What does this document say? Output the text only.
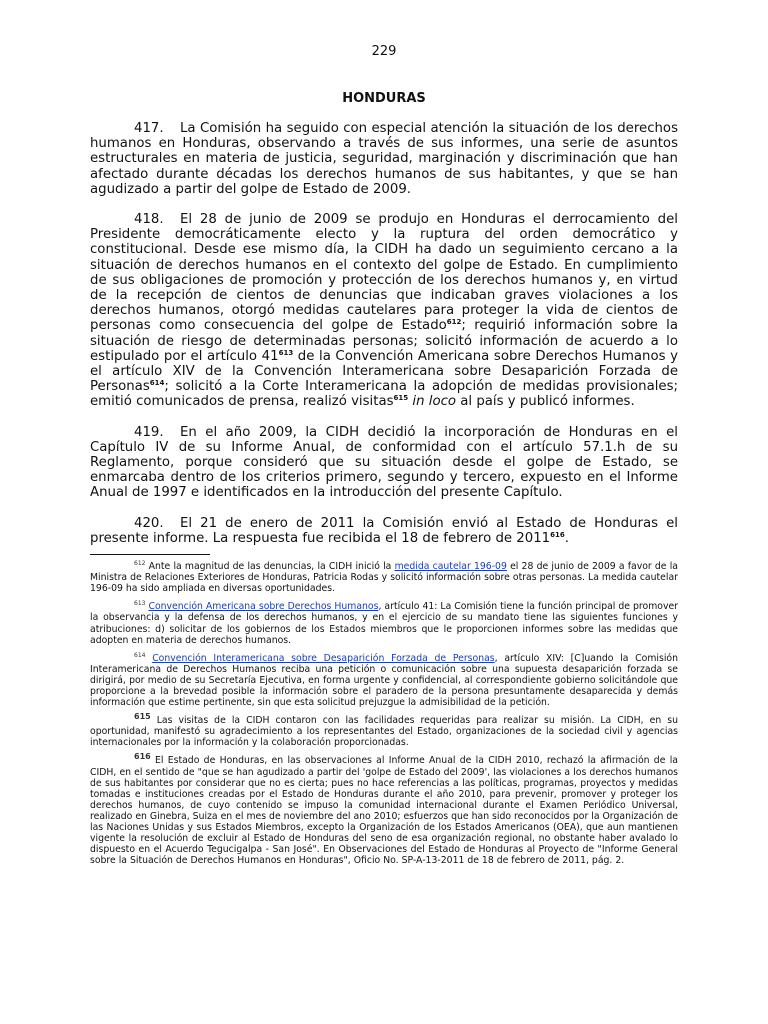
229
HONDURAS

417. La Comisión ha seguido con especial atención la situación de los derechos humanos en Honduras, observando a través de sus informes, una serie de asuntos estructurales en materia de justicia, seguridad, marginación y discriminación que han afectado durante décadas los derechos humanos de sus habitantes, y que se han agudizado a partir del golpe de Estado de 2009.

418. El 28 de junio de 2009 se produjo en Honduras el derrocamiento del Presidente democráticamente electo y la ruptura del orden democrático y constitucional. Desde ese mismo día, la CIDH ha dado un seguimiento cercano a la situación de derechos humanos en el contexto del golpe de Estado. En cumplimiento de sus obligaciones de promoción y protección de los derechos humanos y, en virtud de la recepción de cientos de denuncias que indicaban graves violaciones a los derechos humanos, otorgó medidas cautelares para proteger la vida de cientos de personas como consecuencia del golpe de Estado$^{612}$; requirió información sobre la situación de riesgo de determinadas personas; solicitó información de acuerdo a lo estipulado por el artículo 41$^{613}$ de la Convención Americana sobre Derechos Humanos y el artículo XIV de la Convención Interamericana sobre Desaparición Forzada de Personas$^{614}$; solicitó a la Corte Interamericana la adopción de medidas provisionales; emitió comunicados de prensa, realizó visitas$^{615}$ in loco al país y publicó informes.

419. En el año 2009, la CIDH decidió la incorporación de Honduras en el Capítulo IV de su Informe Anual, de conformidad con el artículo 57.1.h de su Reglamento, porque consideró que su situación desde el golpe de Estado, se enmarcaba dentro de los criterios primero, segundo y tercero, expuesto en el Informe Anual de 1997 e identificados en la introducción del presente Capítulo.

420. El 21 de enero de 2011 la Comisión envió al Estado de Honduras el presente informe. La respuesta fue recibida el 18 de febrero de 2011$^{616}$.

$^{612}$ Ante la magnitud de las denuncias, la CIDH inició la medida cautelar 196-09 el 28 de junio de 2009 a favor de la Ministra de Relaciones Exteriores de Honduras, Patricia Rodas y solicitó información sobre otras personas. La medida cautelar 196-09 ha sido ampliada en diversas oportunidades.

$^{613}$ Convención Americana sobre Derechos Humanos, artículo 41: La Comisión tiene la función principal de promover la observancia y la defensa de los derechos humanos, y en el ejercicio de su mandato tiene las siguientes funciones y atribuciones: d) solicitar de los gobiernos de los Estados miembros que le proporcionen informes sobre las medidas que adopten en materia de derechos humanos.

$^{614}$ Convención Interamericana sobre Desaparición Forzada de Personas, artículo XIV: [C]uando la Comisión Interamericana de Derechos Humanos reciba una petición o comunicación sobre una supuesta desaparición forzada se dirigirá, por medio de su Secretaría Ejecutiva, en forma urgente y confidencial, al correspondiente gobierno solicitándole que proporcione a la brevedad posible la información sobre el paradero de la persona presuntamente desaparecida y demás información que estime pertinente, sin que esta solicitud prejuzgue la admisibilidad de la petición.

615 Las visitas de la CIDH contaron con las facilidades requeridas para realizar su misión. La CIDH, en su oportunidad, manifestó su agradecimiento a los representantes del Estado, organizaciones de la sociedad civil y agencias internacionales por la información y la colaboración proporcionadas.

616 El Estado de Honduras, en las observaciones al Informe Anual de la CIDH 2010, rechazó la afirmación de la CIDH, en el sentido de "que se han agudizado a partir del 'golpe de Estado del 2009', las violaciones a los derechos humanos de sus habitantes por considerar que no es cierta; pues no hace referencias a las políticas, programas, proyectos y medidas tomadas e instituciones creadas por el Estado de Honduras durante el año 2010, para prevenir, promover y proteger los derechos humanos, de cuyo contenido se impuso la comunidad internacional durante el Examen Periódico Universal, realizado en Ginebra, Suiza en el mes de noviembre del ano 2010; esfuerzos que han sido reconocidos por la Organización de las Naciones Unidas y sus Estados Miembros, excepto la Organización de los Estados Americanos (OEA), que aun mantienen vigente la resolución de excluir al Estado de Honduras del seno de esa organización regional, no obstante haber avalado lo dispuesto en el Acuerdo Tegucigalpa - San José". En Observaciones del Estado de Honduras al Proyecto de "Informe General sobre la Situación de Derechos Humanos en Honduras", Oficio No. SP-A-13-2011 de 18 de febrero de 2011, pág. 2.
